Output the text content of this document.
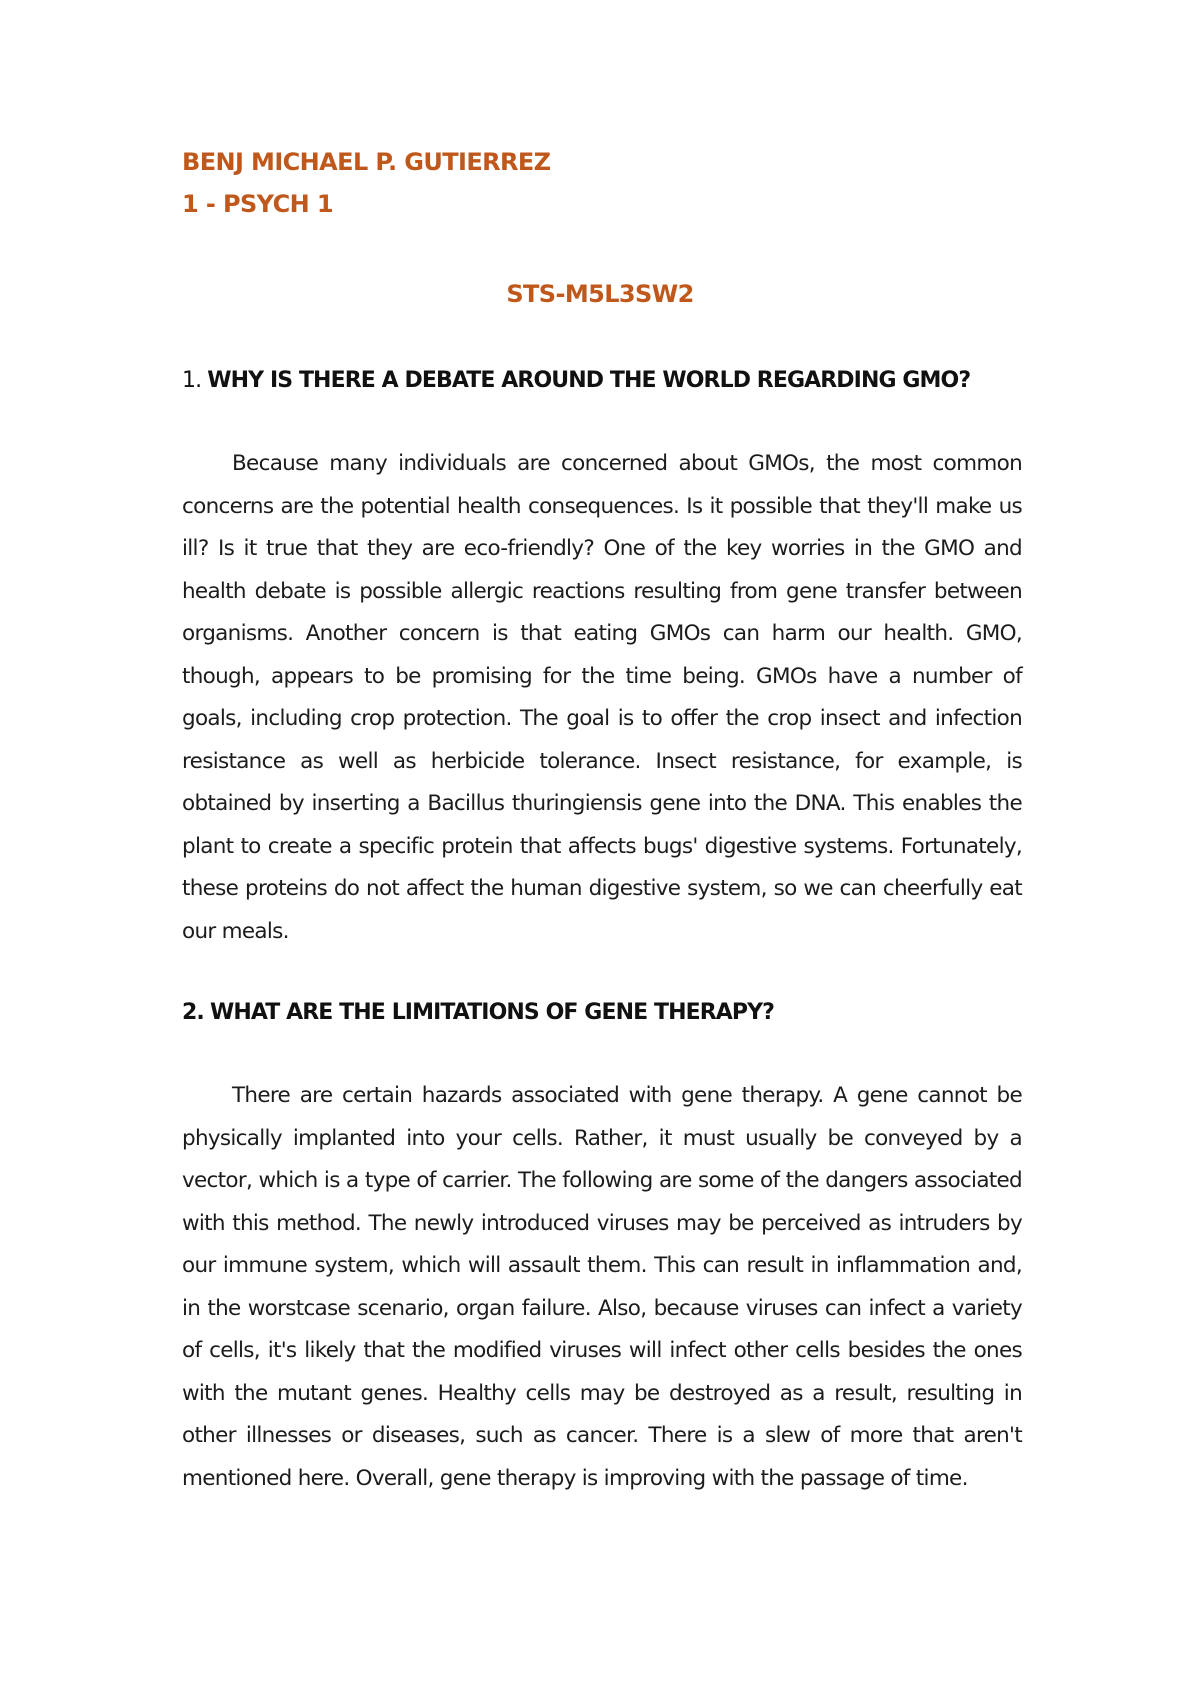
BENJ MICHAEL P. GUTIERREZ

1 - PSYCH 1

STS-M5L3SW2

1. WHY IS THERE A DEBATE AROUND THE WORLD REGARDING GMO?

Because many individuals are concerned about GMOs, the most common concerns are the potential health consequences. Is it possible that they'll make us ill? Is it true that they are eco-friendly? One of the key worries in the GMO and health debate is possible allergic reactions resulting from gene transfer between organisms. Another concern is that eating GMOs can harm our health. GMO, though, appears to be promising for the time being. GMOs have a number of goals, including crop protection. The goal is to offer the crop insect and infection resistance as well as herbicide tolerance. Insect resistance, for example, is obtained by inserting a Bacillus thuringiensis gene into the DNA. This enables the plant to create a specific protein that affects bugs' digestive systems. Fortunately, these proteins do not affect the human digestive system, so we can cheerfully eat our meals.

2. WHAT ARE THE LIMITATIONS OF GENE THERAPY?

There are certain hazards associated with gene therapy. A gene cannot be physically implanted into your cells. Rather, it must usually be conveyed by a vector, which is a type of carrier. The following are some of the dangers associated with this method. The newly introduced viruses may be perceived as intruders by our immune system, which will assault them. This can result in inflammation and, in the worstcase scenario, organ failure. Also, because viruses can infect a variety of cells, it's likely that the modified viruses will infect other cells besides the ones with the mutant genes. Healthy cells may be destroyed as a result, resulting in other illnesses or diseases, such as cancer. There is a slew of more that aren't mentioned here. Overall, gene therapy is improving with the passage of time.
